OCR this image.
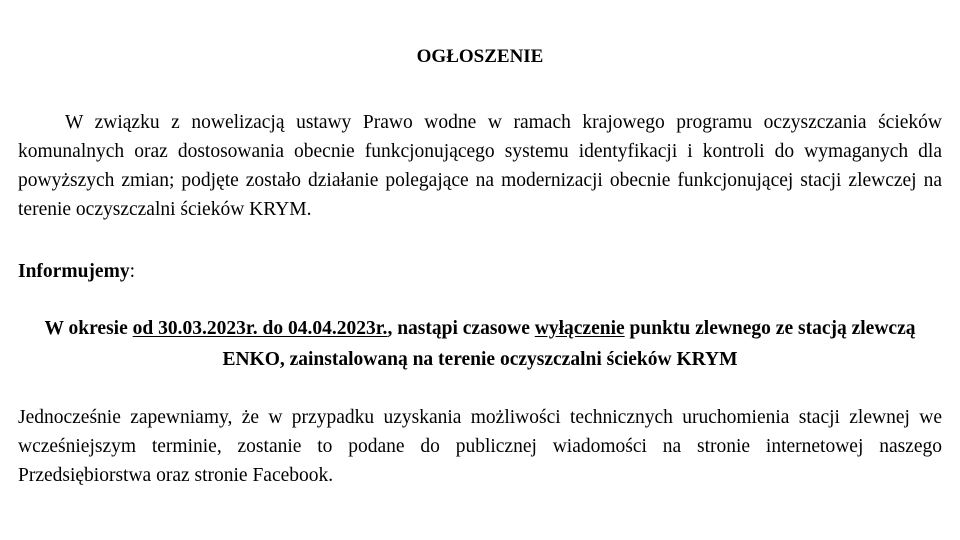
OGŁOSZENIE

W związku z nowelizacją ustawy Prawo wodne w ramach krajowego programu oczyszczania ścieków komunalnych oraz dostosowania obecnie funkcjonującego systemu identyfikacji i kontroli do wymaganych dla powyższych zmian; podjęte zostało działanie polegające na modernizacji obecnie funkcjonującej stacji zlewczej na terenie oczyszczalni ścieków KRYM.

Informujemy:

W okresie od 30.03.2023r. do 04.04.2023r., nastąpi czasowe wyłączenie punktu zlewnego ze stacją zlewczą ENKO, zainstalowaną na terenie oczyszczalni ścieków KRYM

Jednocześnie zapewniamy, że w przypadku uzyskania możliwości technicznych uruchomienia stacji zlewnej we wcześniejszym terminie, zostanie to podane do publicznej wiadomości na stronie internetowej naszego Przedsiębiorstwa oraz stronie Facebook.
